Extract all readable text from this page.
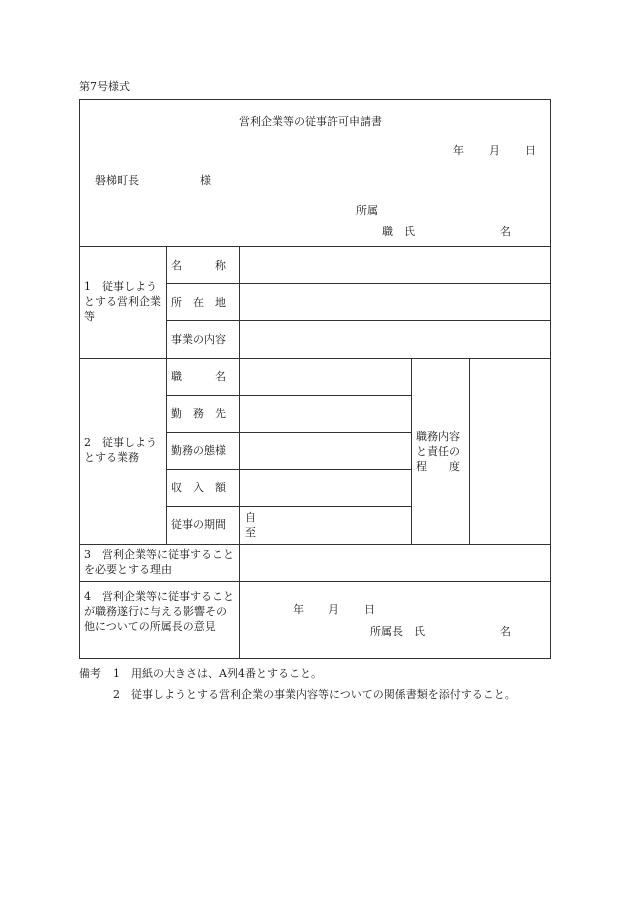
第7号様式
営利企業等の従事許可申請書
年 月 日
磐梯町長	様
所属
職　氏	名
1　従事しようとする営利企業等
名　　　称
所　在　地
事業の内容
2　従事しようとする業務
職　　　名
勤　務　先
勤務の態様
収　入　額
従事の期間
自
至
職務内容と責任の程　　度
3　営利企業等に従事することを必要とする理由
4　営利企業等に従事することが職務遂行に与える影響その他についての所属長の意見
年 月 日
所属長　氏	名
備考 1　用紙の大きさは、A列4番とすること。
2　従事しようとする営利企業の事業内容等についての関係書類を添付すること。
